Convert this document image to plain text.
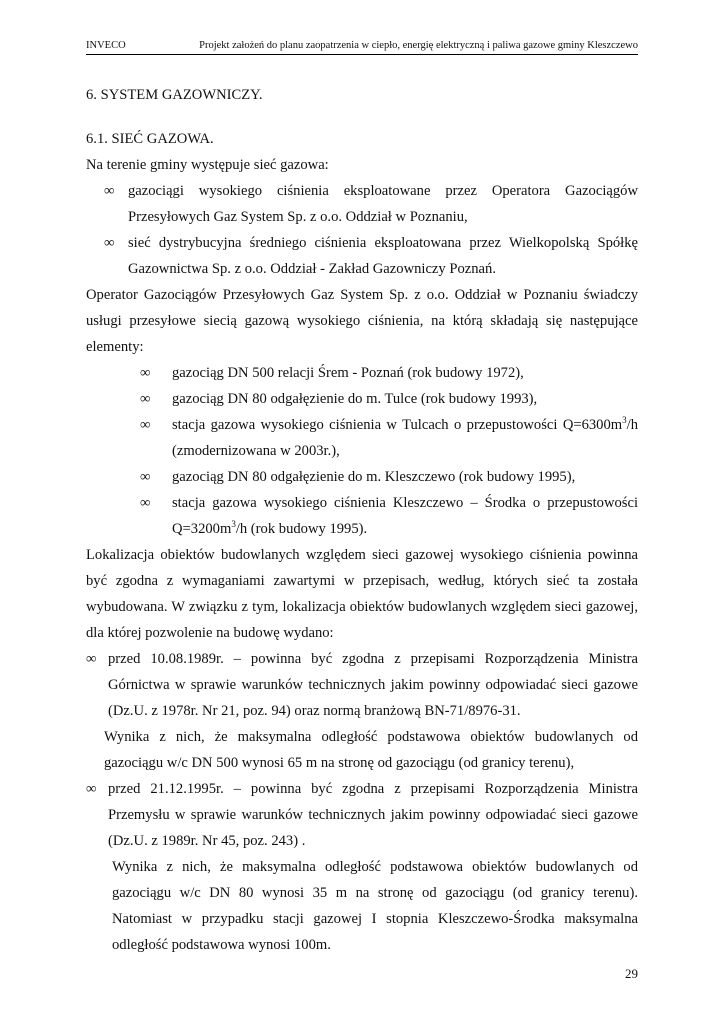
INVECO	Projekt założeń do planu zaopatrzenia w ciepło, energię elektryczną i paliwa gazowe gminy Kleszczewo

6. SYSTEM GAZOWNICZY.

6.1. SIEĆ GAZOWA.

Na terenie gminy występuje sieć gazowa:

∞ gazociągi wysokiego ciśnienia eksploatowane przez Operatora Gazociągów Przesyłowych Gaz System Sp. z o.o. Oddział w Poznaniu,
∞ sieć dystrybucyjna średniego ciśnienia eksploatowana przez Wielkopolską Spółkę Gazownictwa Sp. z o.o. Oddział - Zakład Gazowniczy Poznań.

Operator Gazociągów Przesyłowych Gaz System Sp. z o.o. Oddział w Poznaniu świadczy usługi przesyłowe siecią gazową wysokiego ciśnienia, na którą składają się następujące elementy:

∞ gazociąg DN 500 relacji Śrem - Poznań (rok budowy 1972),
∞ gazociąg DN 80 odgałęzienie do m. Tulce (rok budowy 1993),
∞ stacja gazowa wysokiego ciśnienia w Tulcach o przepustowości $Q=6300m^3/h$ (zmodernizowana w 2003r.),
∞ gazociąg DN 80 odgałęzienie do m. Kleszczewo (rok budowy 1995),
∞ stacja gazowa wysokiego ciśnienia Kleszczewo – Środka o przepustowości $Q=3200m^3/h$ (rok budowy 1995).

Lokalizacja obiektów budowlanych względem sieci gazowej wysokiego ciśnienia powinna być zgodna z wymaganiami zawartymi w przepisach, według, których sieć ta została wybudowana. W związku z tym, lokalizacja obiektów budowlanych względem sieci gazowej, dla której pozwolenie na budowę wydano:

∞ przed 10.08.1989r. – powinna być zgodna z przepisami Rozporządzenia Ministra Górnictwa w sprawie warunków technicznych jakim powinny odpowiadać sieci gazowe (Dz.U. z 1978r. Nr 21, poz. 94) oraz normą branżową BN-71/8976-31.
Wynika z nich, że maksymalna odległość podstawowa obiektów budowlanych od gazociągu w/c DN 500 wynosi 65 m na stronę od gazociągu (od granicy terenu),
∞ przed 21.12.1995r. – powinna być zgodna z przepisami Rozporządzenia Ministra Przemysłu w sprawie warunków technicznych jakim powinny odpowiadać sieci gazowe (Dz.U. z 1989r. Nr 45, poz. 243) .
Wynika z nich, że maksymalna odległość podstawowa obiektów budowlanych od gazociągu w/c DN 80 wynosi 35 m na stronę od gazociągu (od granicy terenu). Natomiast w przypadku stacji gazowej I stopnia Kleszczewo-Środka maksymalna odległość podstawowa wynosi 100m.
29
